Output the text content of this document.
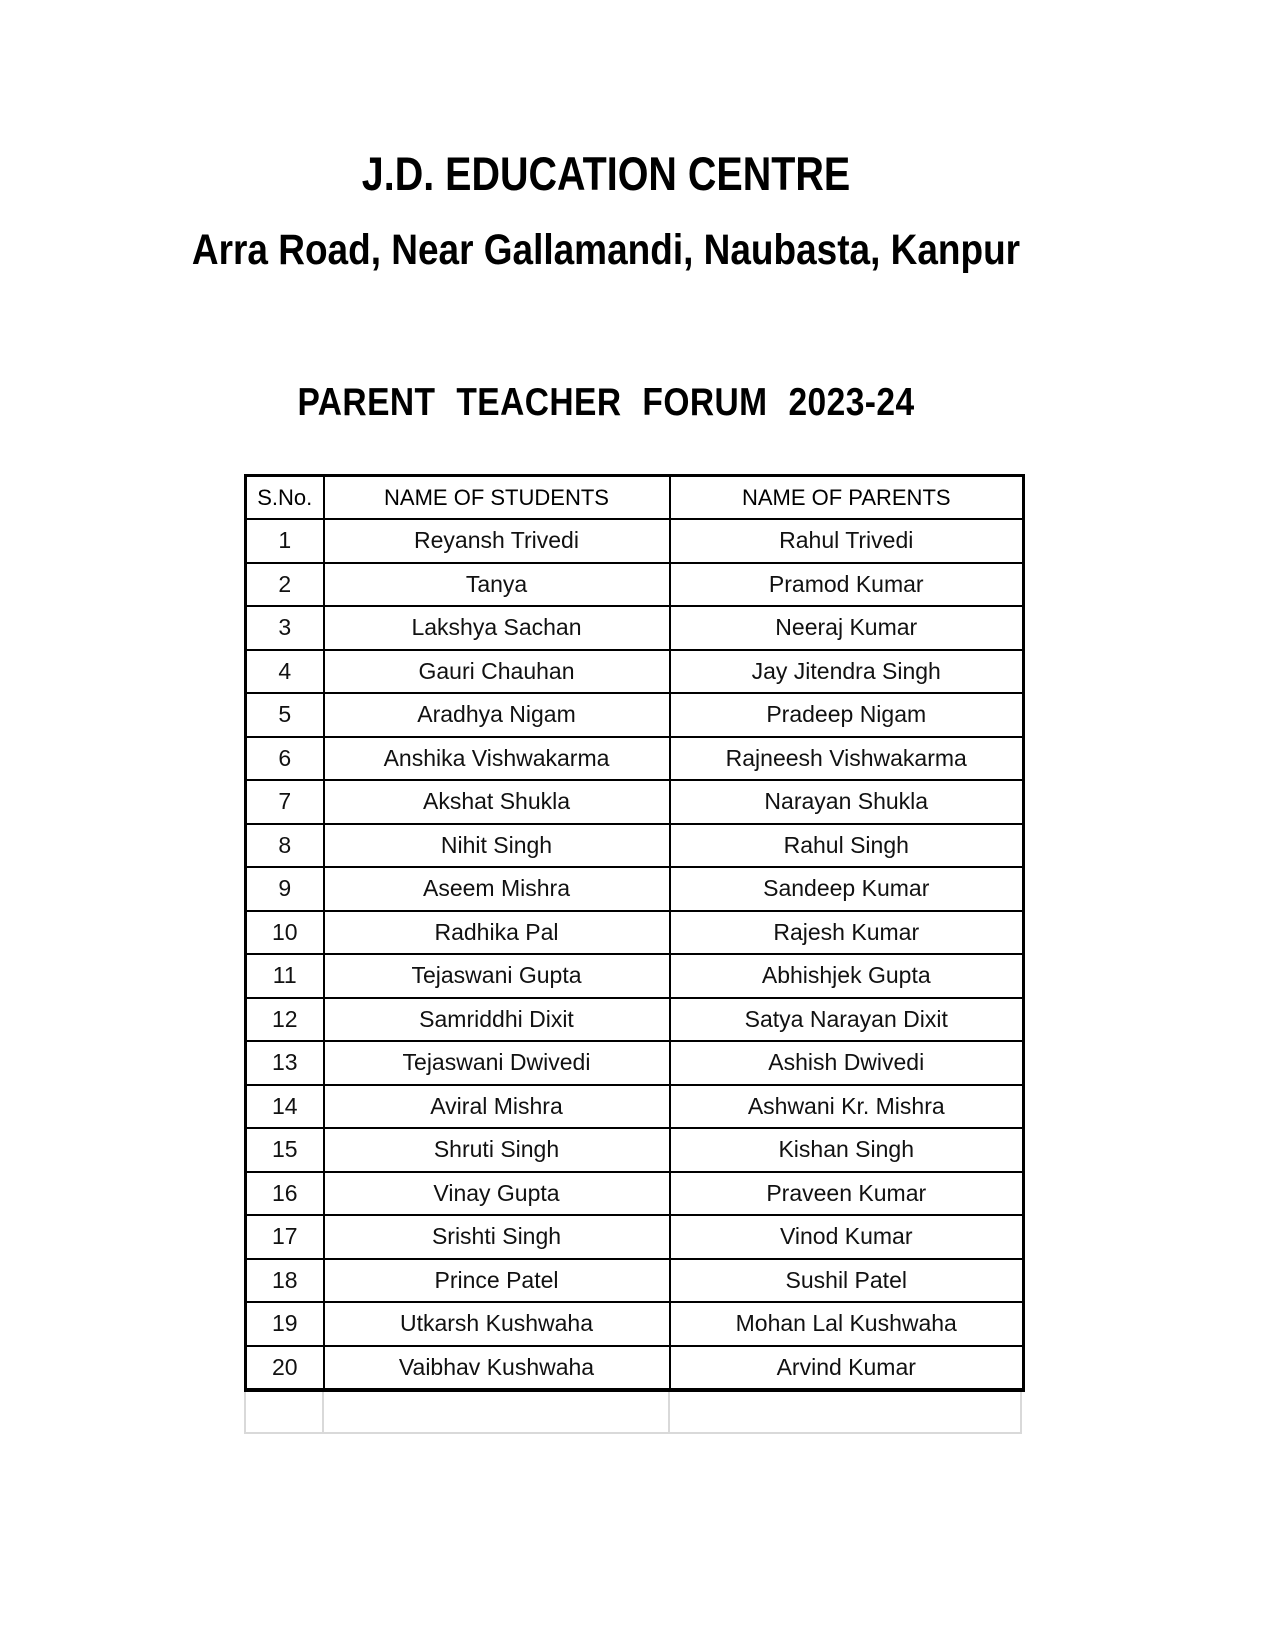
J.D. EDUCATION CENTRE
Arra Road, Near Gallamandi, Naubasta, Kanpur
PARENT TEACHER FORUM 2023-24
S.No.	NAME OF STUDENTS	NAME OF PARENTS
1	Reyansh Trivedi	Rahul Trivedi
2	Tanya	Pramod Kumar
3	Lakshya Sachan	Neeraj Kumar
4	Gauri Chauhan	Jay Jitendra Singh
5	Aradhya Nigam	Pradeep Nigam
6	Anshika Vishwakarma	Rajneesh Vishwakarma
7	Akshat Shukla	Narayan Shukla
8	Nihit Singh	Rahul Singh
9	Aseem Mishra	Sandeep Kumar
10	Radhika Pal	Rajesh Kumar
11	Tejaswani Gupta	Abhishjek Gupta
12	Samriddhi Dixit	Satya Narayan Dixit
13	Tejaswani Dwivedi	Ashish Dwivedi
14	Aviral Mishra	Ashwani Kr. Mishra
15	Shruti Singh	Kishan Singh
16	Vinay Gupta	Praveen Kumar
17	Srishti Singh	Vinod Kumar
18	Prince Patel	Sushil Patel
19	Utkarsh Kushwaha	Mohan Lal Kushwaha
20	Vaibhav Kushwaha	Arvind Kumar
